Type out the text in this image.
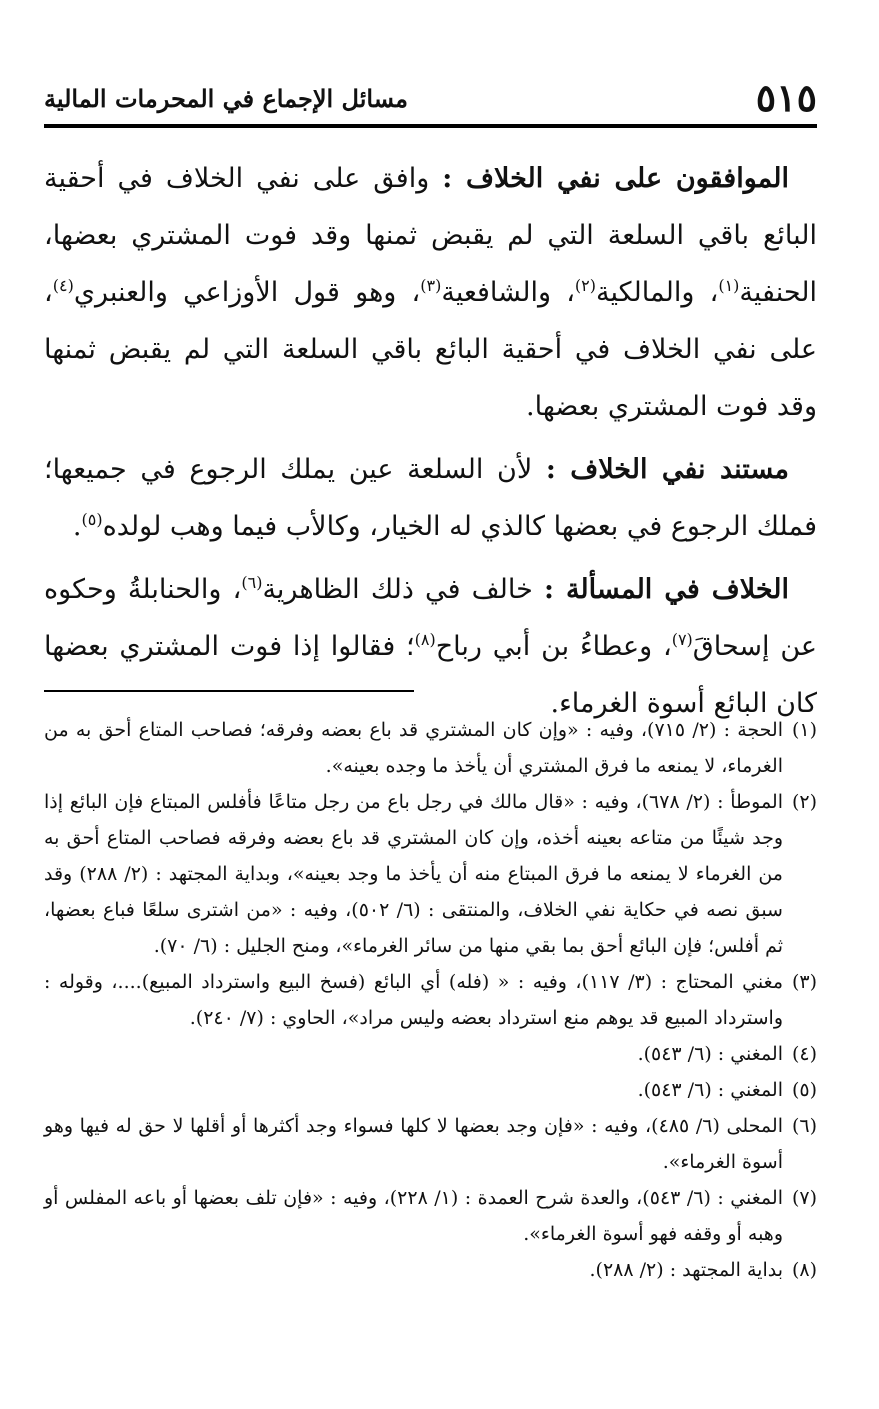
٥١٥
مسائل الإجماع في المحرمات المالية

الموافقون على نفي الخلاف : وافق على نفي الخلاف في أحقية البائع باقي السلعة التي لم يقبض ثمنها وقد فوت المشتري بعضها، الحنفية$^{(١)}$، والمالكية$^{(٢)}$، والشافعية$^{(٣)}$، وهو قول الأوزاعي والعنبري$^{(٤)}$، على نفي الخلاف في أحقية البائع باقي السلعة التي لم يقبض ثمنها وقد فوت المشتري بعضها.

مستند نفي الخلاف : لأن السلعة عين يملك الرجوع في جميعها؛ فملك الرجوع في بعضها كالذي له الخيار، وكالأب فيما وهب لولده$^{(٥)}$.

الخلاف في المسألة : خالف في ذلك الظاهرية$^{(٦)}$، والحنابلةُ وحكوه عن إسحاقَ$^{(٧)}$، وعطاءُ بن أبي رباح$^{(٨)}$؛ فقالوا إذا فوت المشتري بعضها كان البائع أسوة الغرماء.

(١)
الحجة : (٢/ ٧١٥)، وفيه : «وإن كان المشتري قد باع بعضه وفرقه؛ فصاحب المتاع أحق به من الغرماء، لا يمنعه ما فرق المشتري أن يأخذ ما وجده بعينه».

(٢)
الموطأ : (٢/ ٦٧٨)، وفيه : «قال مالك في رجل باع من رجل متاعًا فأفلس المبتاع فإن البائع إذا وجد شيئًا من متاعه بعينه أخذه، وإن كان المشتري قد باع بعضه وفرقه فصاحب المتاع أحق به من الغرماء لا يمنعه ما فرق المبتاع منه أن يأخذ ما وجد بعينه»، وبداية المجتهد : (٢/ ٢٨٨) وقد سبق نصه في حكاية نفي الخلاف، والمنتقى : (٦/ ٥٠٢)، وفيه : «من اشترى سلعًا فباع بعضها، ثم أفلس؛ فإن البائع أحق بما بقي منها من سائر الغرماء»، ومنح الجليل : (٦/ ٧٠).

(٣)
مغني المحتاج : (٣/ ١١٧)، وفيه : « (فله) أي البائع (فسخ البيع واسترداد المبيع)....، وقوله : واسترداد المبيع قد يوهم منع استرداد بعضه وليس مراد»، الحاوي : (٧/ ٢٤٠).

(٤)
المغني : (٦/ ٥٤٣).

(٥)
المغني : (٦/ ٥٤٣).

(٦)
المحلى (٦/ ٤٨٥)، وفيه : «فإن وجد بعضها لا كلها فسواء وجد أكثرها أو أقلها لا حق له فيها وهو أسوة الغرماء».

(٧)
المغني : (٦/ ٥٤٣)، والعدة شرح العمدة : (١/ ٢٢٨)، وفيه : «فإن تلف بعضها أو باعه المفلس أو وهبه أو وقفه فهو أسوة الغرماء».

(٨)
بداية المجتهد : (٢/ ٢٨٨).
